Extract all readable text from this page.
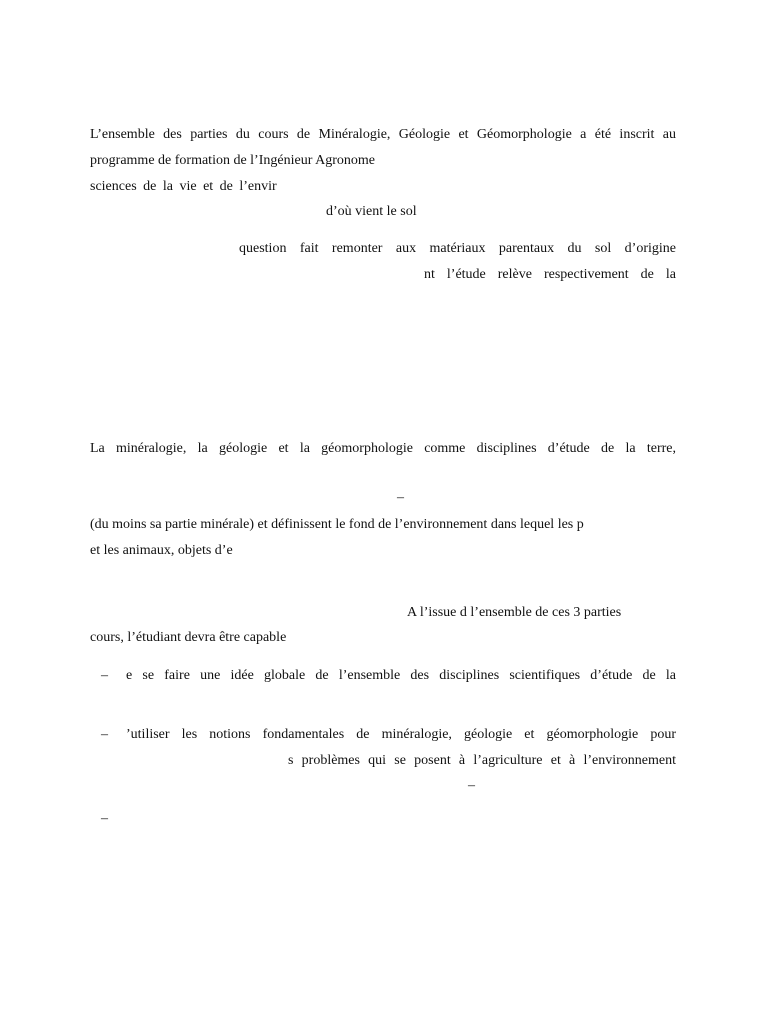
L’ensemble des parties du cours de Minéralogie, Géologie et Géomorphologie a été inscrit au
programme de formation de l’Ingénieur Agronome
sciences de la vie et de l’envir
d’où vient le sol
question fait remonter aux matériaux parentaux du sol d’origine
nt l’étude relève respectivement de la
La minéralogie, la géologie et la géomorphologie comme disciplines d’étude de la terre,
–
(du moins sa partie minérale) et définissent le fond de l’environnement dans lequel les p
et les animaux, objets d’e
A l’issue d l’ensemble de ces 3 parties
cours, l’étudiant devra être capable
– e se faire une idée globale de l’ensemble des disciplines scientifiques d’étude de la
– ’utiliser les notions fondamentales de minéralogie, géologie et géomorphologie pour
s problèmes qui se posent à l’agriculture et à l’environnement
–
–
